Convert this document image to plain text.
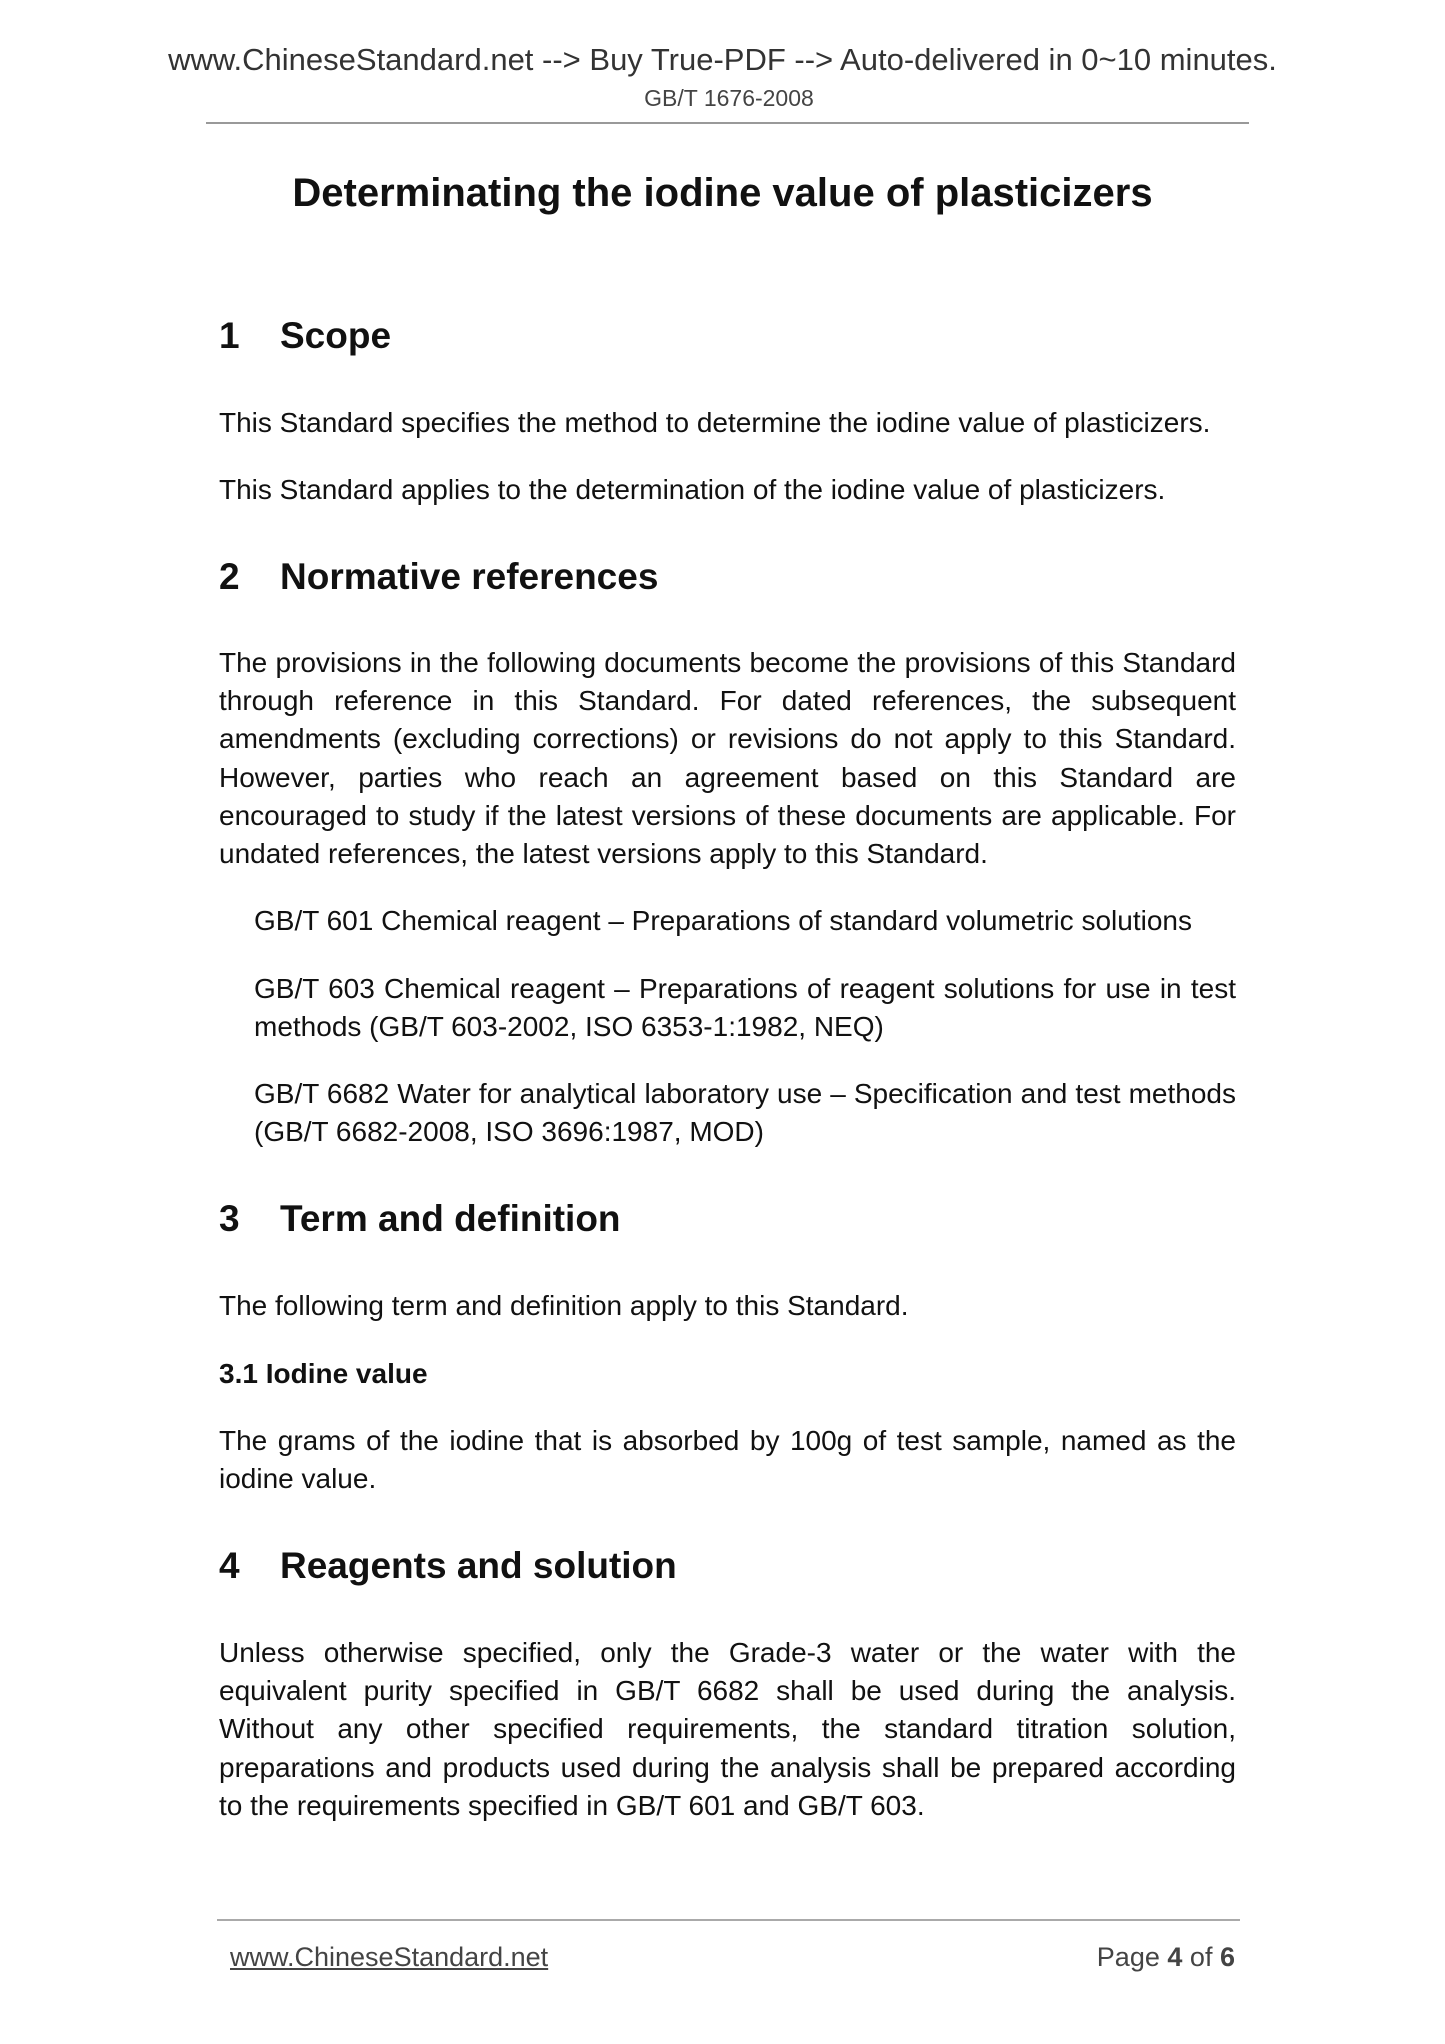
www.ChineseStandard.net --> Buy True-PDF --> Auto-delivered in 0~10 minutes.
GB/T 1676-2008
Determinating the iodine value of plasticizers
1 Scope
This Standard specifies the method to determine the iodine value of plasticizers.
This Standard applies to the determination of the iodine value of plasticizers.
2 Normative references
The provisions in the following documents become the provisions of this Standard through reference in this Standard. For dated references, the subsequent amendments (excluding corrections) or revisions do not apply to this Standard. However, parties who reach an agreement based on this Standard are encouraged to study if the latest versions of these documents are applicable. For undated references, the latest versions apply to this Standard.
GB/T 601 Chemical reagent – Preparations of standard volumetric solutions
GB/T 603 Chemical reagent – Preparations of reagent solutions for use in test methods (GB/T 603-2002, ISO 6353-1:1982, NEQ)
GB/T 6682 Water for analytical laboratory use – Specification and test methods (GB/T 6682-2008, ISO 3696:1987, MOD)
3 Term and definition
The following term and definition apply to this Standard.
3.1 Iodine value
The grams of the iodine that is absorbed by 100g of test sample, named as the iodine value.
4 Reagents and solution
Unless otherwise specified, only the Grade-3 water or the water with the equivalent purity specified in GB/T 6682 shall be used during the analysis. Without any other specified requirements, the standard titration solution, preparations and products used during the analysis shall be prepared according to the requirements specified in GB/T 601 and GB/T 603.
www.ChineseStandard.net	Page 4 of 6
